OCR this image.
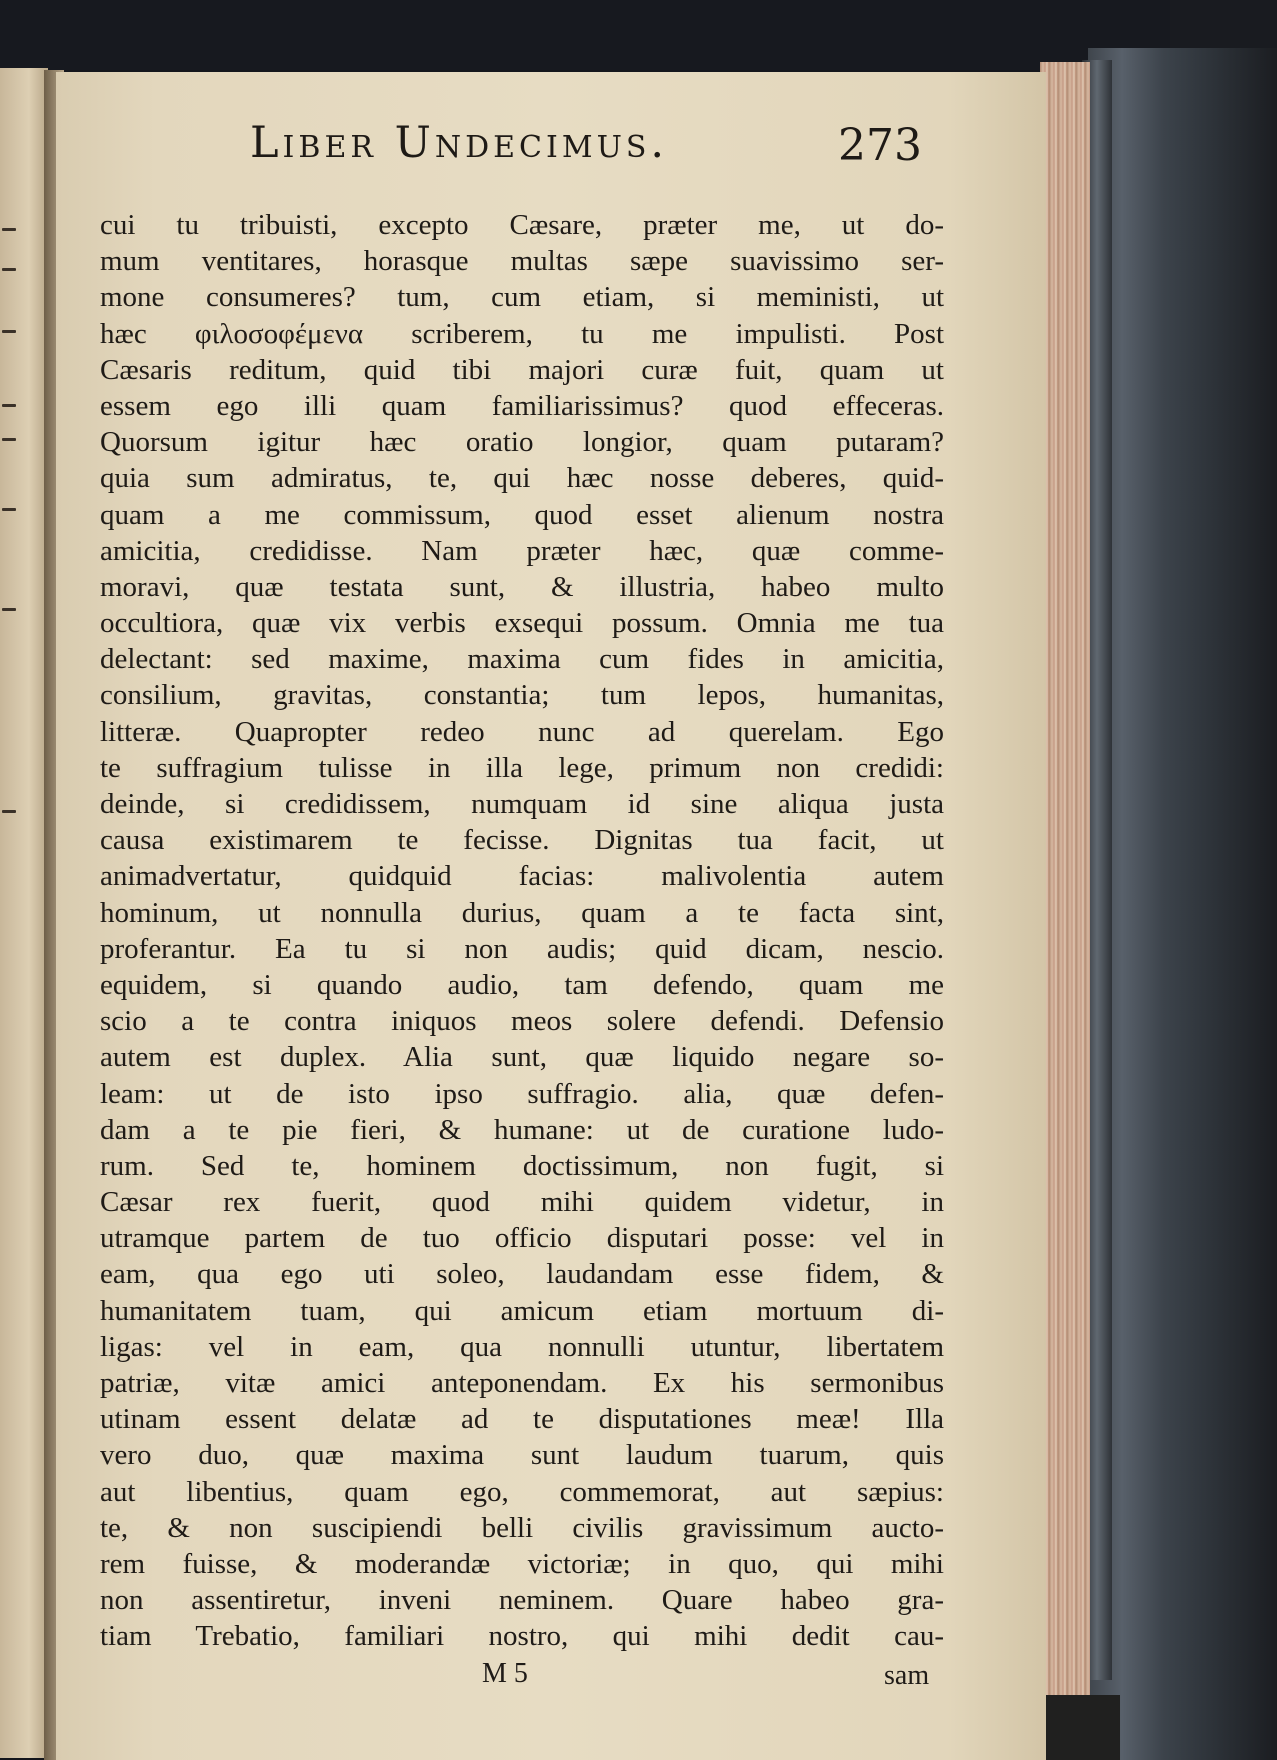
Liber Undecimus.	273
cui tu tribuisti, excepto Cæsare, præter me, ut do-
mum ventitares, horasque multas sæpe suavissimo ser-
mone consumeres? tum, cum etiam, si meministi, ut
hæc φιλοσοφέμενα scriberem, tu me impulisti. Post
Cæsaris reditum, quid tibi majori curæ fuit, quam ut
essem ego illi quam familiarissimus? quod effeceras.
Quorsum igitur hæc oratio longior, quam putaram?
quia sum admiratus, te, qui hæc nosse deberes, quid-
quam a me commissum, quod esset alienum nostra
amicitia, credidisse. Nam præter hæc, quæ comme-
moravi, quæ testata sunt, & illustria, habeo multo
occultiora, quæ vix verbis exsequi possum. Omnia me tua
delectant: sed maxime, maxima cum fides in amicitia,
consilium, gravitas, constantia; tum lepos, humanitas,
litteræ. Quapropter redeo nunc ad querelam. Ego
te suffragium tulisse in illa lege, primum non credidi:
deinde, si credidissem, numquam id sine aliqua justa
causa existimarem te fecisse. Dignitas tua facit, ut
animadvertatur, quidquid facias: malivolentia autem
hominum, ut nonnulla durius, quam a te facta sint,
proferantur. Ea tu si non audis; quid dicam, nescio.
equidem, si quando audio, tam defendo, quam me
scio a te contra iniquos meos solere defendi. Defensio
autem est duplex. Alia sunt, quæ liquido negare so-
leam: ut de isto ipso suffragio. alia, quæ defen-
dam a te pie fieri, & humane: ut de curatione ludo-
rum. Sed te, hominem doctissimum, non fugit, si
Cæsar rex fuerit, quod mihi quidem videtur, in
utramque partem de tuo officio disputari posse: vel in
eam, qua ego uti soleo, laudandam esse fidem, &
humanitatem tuam, qui amicum etiam mortuum di-
ligas: vel in eam, qua nonnulli utuntur, libertatem
patriæ, vitæ amici anteponendam. Ex his sermonibus
utinam essent delatæ ad te disputationes meæ! Illa
vero duo, quæ maxima sunt laudum tuarum, quis
aut libentius, quam ego, commemorat, aut sæpius:
te, & non suscipiendi belli civilis gravissimum aucto-
rem fuisse, & moderandæ victoriæ; in quo, qui mihi
non assentiretur, inveni neminem. Quare habeo gra-
tiam Trebatio, familiari nostro, qui mihi dedit cau-
M 5	sam
